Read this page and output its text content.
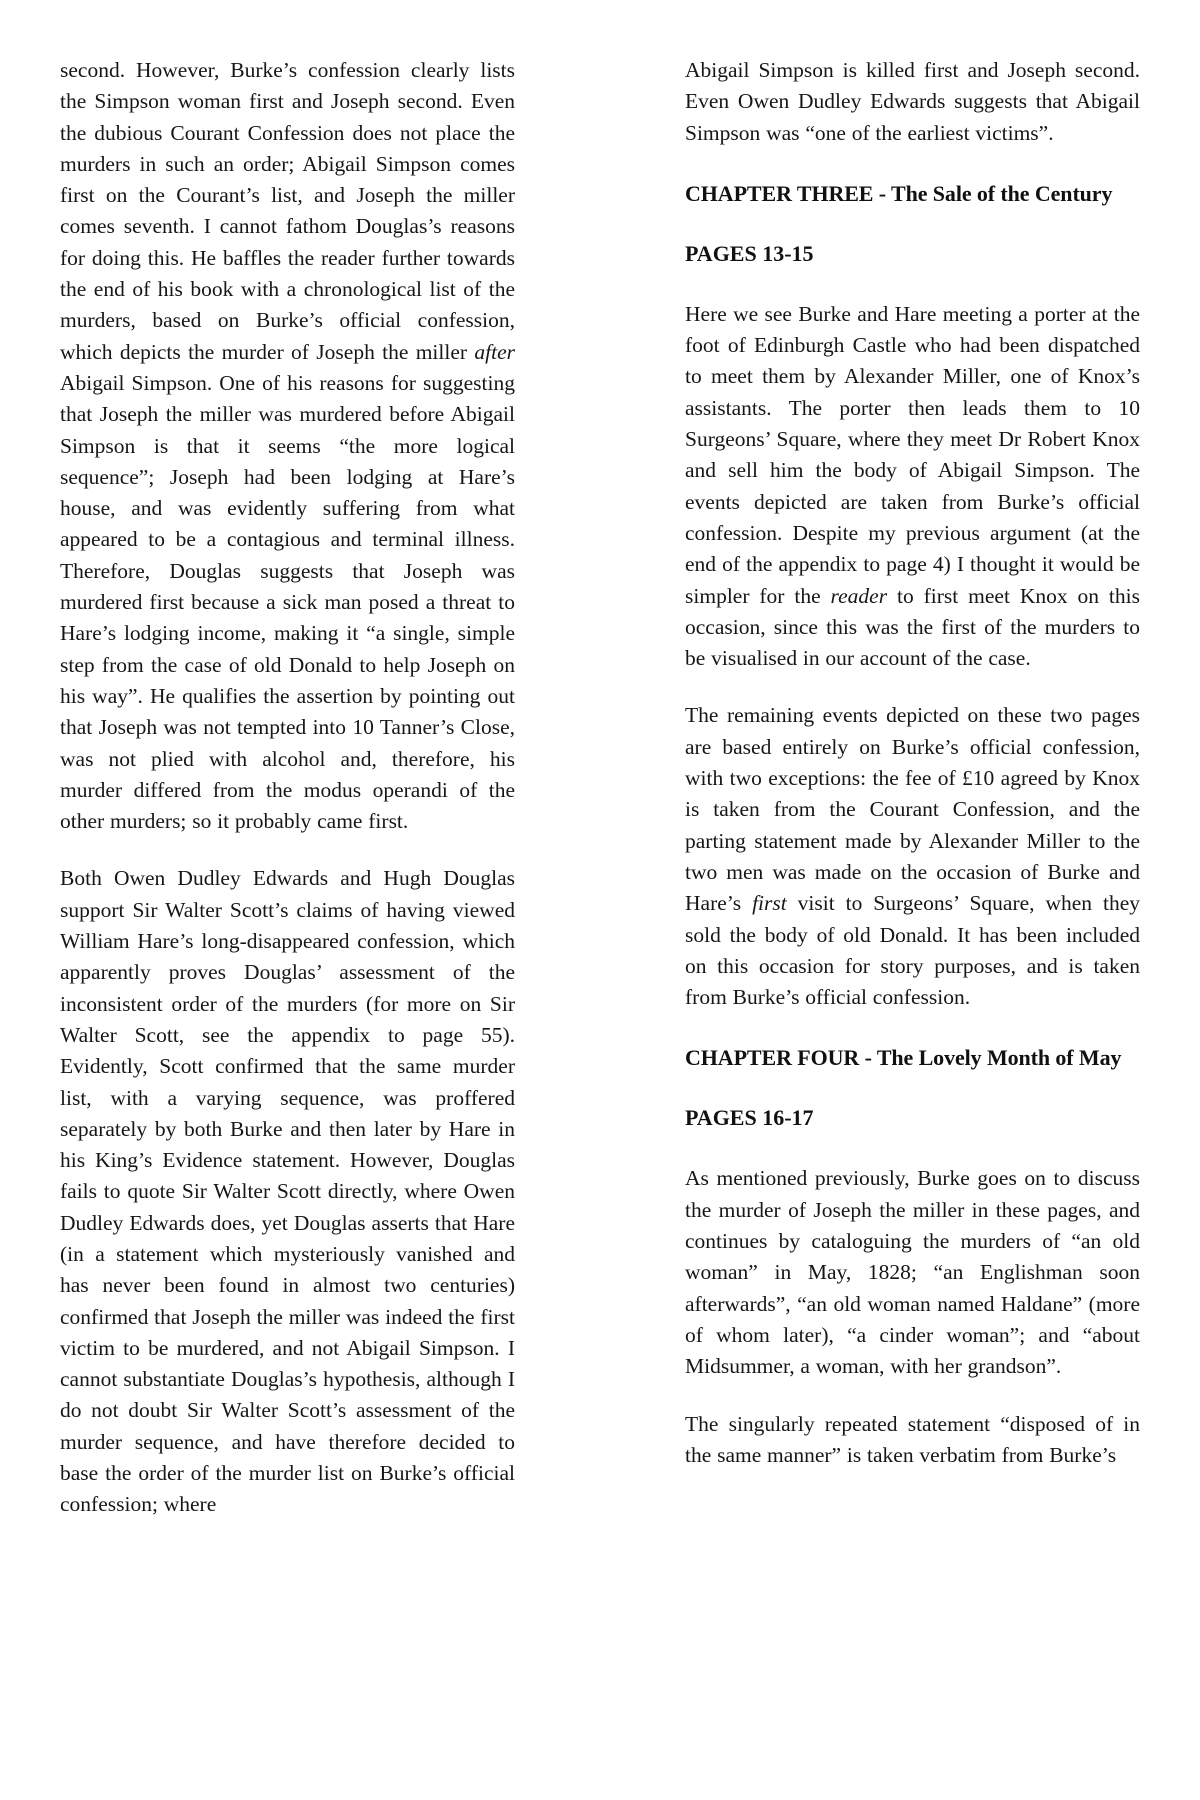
second. However, Burke’s confession clearly lists the Simpson woman first and Joseph second. Even the dubious Courant Confession does not place the murders in such an order; Abigail Simpson comes first on the Courant’s list, and Joseph the miller comes seventh. I cannot fathom Douglas’s reasons for doing this. He baffles the reader further towards the end of his book with a chronological list of the murders, based on Burke’s official confession, which depicts the murder of Joseph the miller after Abigail Simpson. One of his reasons for suggesting that Joseph the miller was murdered before Abigail Simpson is that it seems “the more logical sequence”; Joseph had been lodging at Hare’s house, and was evidently suffering from what appeared to be a contagious and terminal illness. Therefore, Douglas suggests that Joseph was murdered first because a sick man posed a threat to Hare’s lodging income, making it “a single, simple step from the case of old Donald to help Joseph on his way”. He qualifies the assertion by pointing out that Joseph was not tempted into 10 Tanner’s Close, was not plied with alcohol and, therefore, his murder differed from the modus operandi of the other murders; so it probably came first.

Both Owen Dudley Edwards and Hugh Douglas support Sir Walter Scott’s claims of having viewed William Hare’s long-disappeared confession, which apparently proves Douglas’ assessment of the inconsistent order of the murders (for more on Sir Walter Scott, see the appendix to page 55). Evidently, Scott confirmed that the same murder list, with a varying sequence, was proffered separately by both Burke and then later by Hare in his King’s Evidence statement. However, Douglas fails to quote Sir Walter Scott directly, where Owen Dudley Edwards does, yet Douglas asserts that Hare (in a statement which mysteriously vanished and has never been found in almost two centuries) confirmed that Joseph the miller was indeed the first victim to be murdered, and not Abigail Simpson. I cannot substantiate Douglas’s hypothesis, although I do not doubt Sir Walter Scott’s assessment of the murder sequence, and have therefore decided to base the order of the murder list on Burke’s official confession; where

Abigail Simpson is killed first and Joseph second. Even Owen Dudley Edwards suggests that Abigail Simpson was “one of the earliest victims”.

CHAPTER THREE - The Sale of the Century
PAGES 13-15

Here we see Burke and Hare meeting a porter at the foot of Edinburgh Castle who had been dispatched to meet them by Alexander Miller, one of Knox’s assistants. The porter then leads them to 10 Surgeons’ Square, where they meet Dr Robert Knox and sell him the body of Abigail Simpson. The events depicted are taken from Burke’s official confession. Despite my previous argument (at the end of the appendix to page 4) I thought it would be simpler for the reader to first meet Knox on this occasion, since this was the first of the murders to be visualised in our account of the case.

The remaining events depicted on these two pages are based entirely on Burke’s official confession, with two exceptions: the fee of £10 agreed by Knox is taken from the Courant Confession, and the parting statement made by Alexander Miller to the two men was made on the occasion of Burke and Hare’s first visit to Surgeons’ Square, when they sold the body of old Donald. It has been included on this occasion for story purposes, and is taken from Burke’s official confession.

CHAPTER FOUR - The Lovely Month of May
PAGES 16-17

As mentioned previously, Burke goes on to discuss the murder of Joseph the miller in these pages, and continues by cataloguing the murders of “an old woman” in May, 1828; “an Englishman soon afterwards”, “an old woman named Haldane” (more of whom later), “a cinder woman”; and “about Midsummer, a woman, with her grandson”.

The singularly repeated statement “disposed of in the same manner” is taken verbatim from Burke’s
